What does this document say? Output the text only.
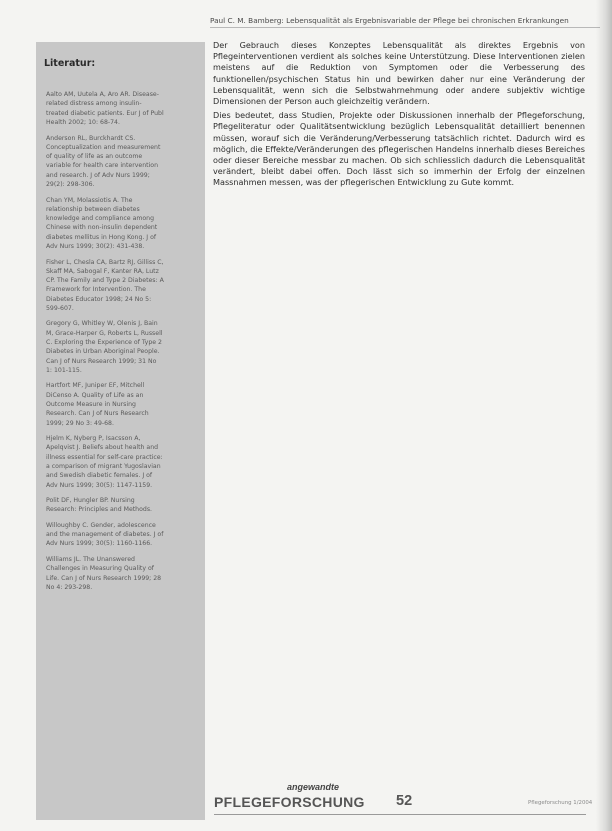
Paul C. M. Bamberg: Lebensqualität als Ergebnisvariable der Pflege bei chronischen Erkrankungen
Literatur:

Aalto AM, Uutela A, Aro AR. Disease-related distress among insulin-treated diabetic patients. Eur J of Publ Health 2002; 10: 68-74.

Anderson RL, Burckhardt CS. Conceptualization and measurement of quality of life as an outcome variable for health care intervention and research. J of Adv Nurs 1999; 29(2): 298-306.

Chan YM, Molassiotis A. The relationship between diabetes knowledge and compliance among Chinese with non-insulin dependent diabetes mellitus in Hong Kong. J of Adv Nurs 1999; 30(2): 431-438.

Fisher L, Chesla CA, Bartz RJ, Gilliss C, Skaff MA, Sabogal F, Kanter RA, Lutz CP. The Family and Type 2 Diabetes: A Framework for Intervention. The Diabetes Educator 1998; 24 No 5: 599-607.

Gregory G, Whitley W, Olenis J, Bain M, Grace-Harper G, Roberts L, Russell C. Exploring the Experience of Type 2 Diabetes in Urban Aboriginal People. Can J of Nurs Research 1999; 31 No 1: 101-115.

Hartfort MF, Juniper EF, Mitchell DiCenso A. Quality of Life as an Outcome Measure in Nursing Research. Can J of Nurs Research 1999; 29 No 3: 49-68.

Hjelm K, Nyberg P, Isacsson A, Apelqvist J. Beliefs about health and illness essential for self-care practice: a comparison of migrant Yugoslavian and Swedish diabetic females. J of Adv Nurs 1999; 30(5): 1147-1159.

Polit DF, Hungler BP. Nursing Research: Principles and Methods.

Willoughby C. Gender, adolescence and the management of diabetes. J of Adv Nurs 1999; 30(5): 1160-1166.

Williams JL. The Unanswered Challenges in Measuring Quality of Life. Can J of Nurs Research 1999; 28 No 4: 293-298.

Der Gebrauch dieses Konzeptes Lebensqualität als direktes Ergebnis von Pflegeinterventionen verdient als solches keine Unterstützung. Diese Interventionen zielen meistens auf die Reduktion von Symptomen oder die Verbesserung des funktionellen/psychischen Status hin und bewirken daher nur eine Veränderung der Lebensqualität, wenn sich die Selbstwahrnehmung oder andere subjektiv wichtige Dimensionen der Person auch gleichzeitig verändern.

Dies bedeutet, dass Studien, Projekte oder Diskussionen innerhalb der Pflegeforschung, Pflegeliteratur oder Qualitätsentwicklung bezüglich Lebensqualität detailliert benennen müssen, worauf sich die Veränderung/Verbesserung tatsächlich richtet. Dadurch wird es möglich, die Effekte/Veränderungen des pflegerischen Handelns innerhalb dieses Bereiches oder dieser Bereiche messbar zu machen. Ob sich schliesslich dadurch die Lebensqualität verändert, bleibt dabei offen. Doch lässt sich so immerhin der Erfolg der einzelnen Massnahmen messen, was der pflegerischen Entwicklung zu Gute kommt.

angewandte
PFLEGEFORSCHUNG 52	Pflegeforschung 1/2004
